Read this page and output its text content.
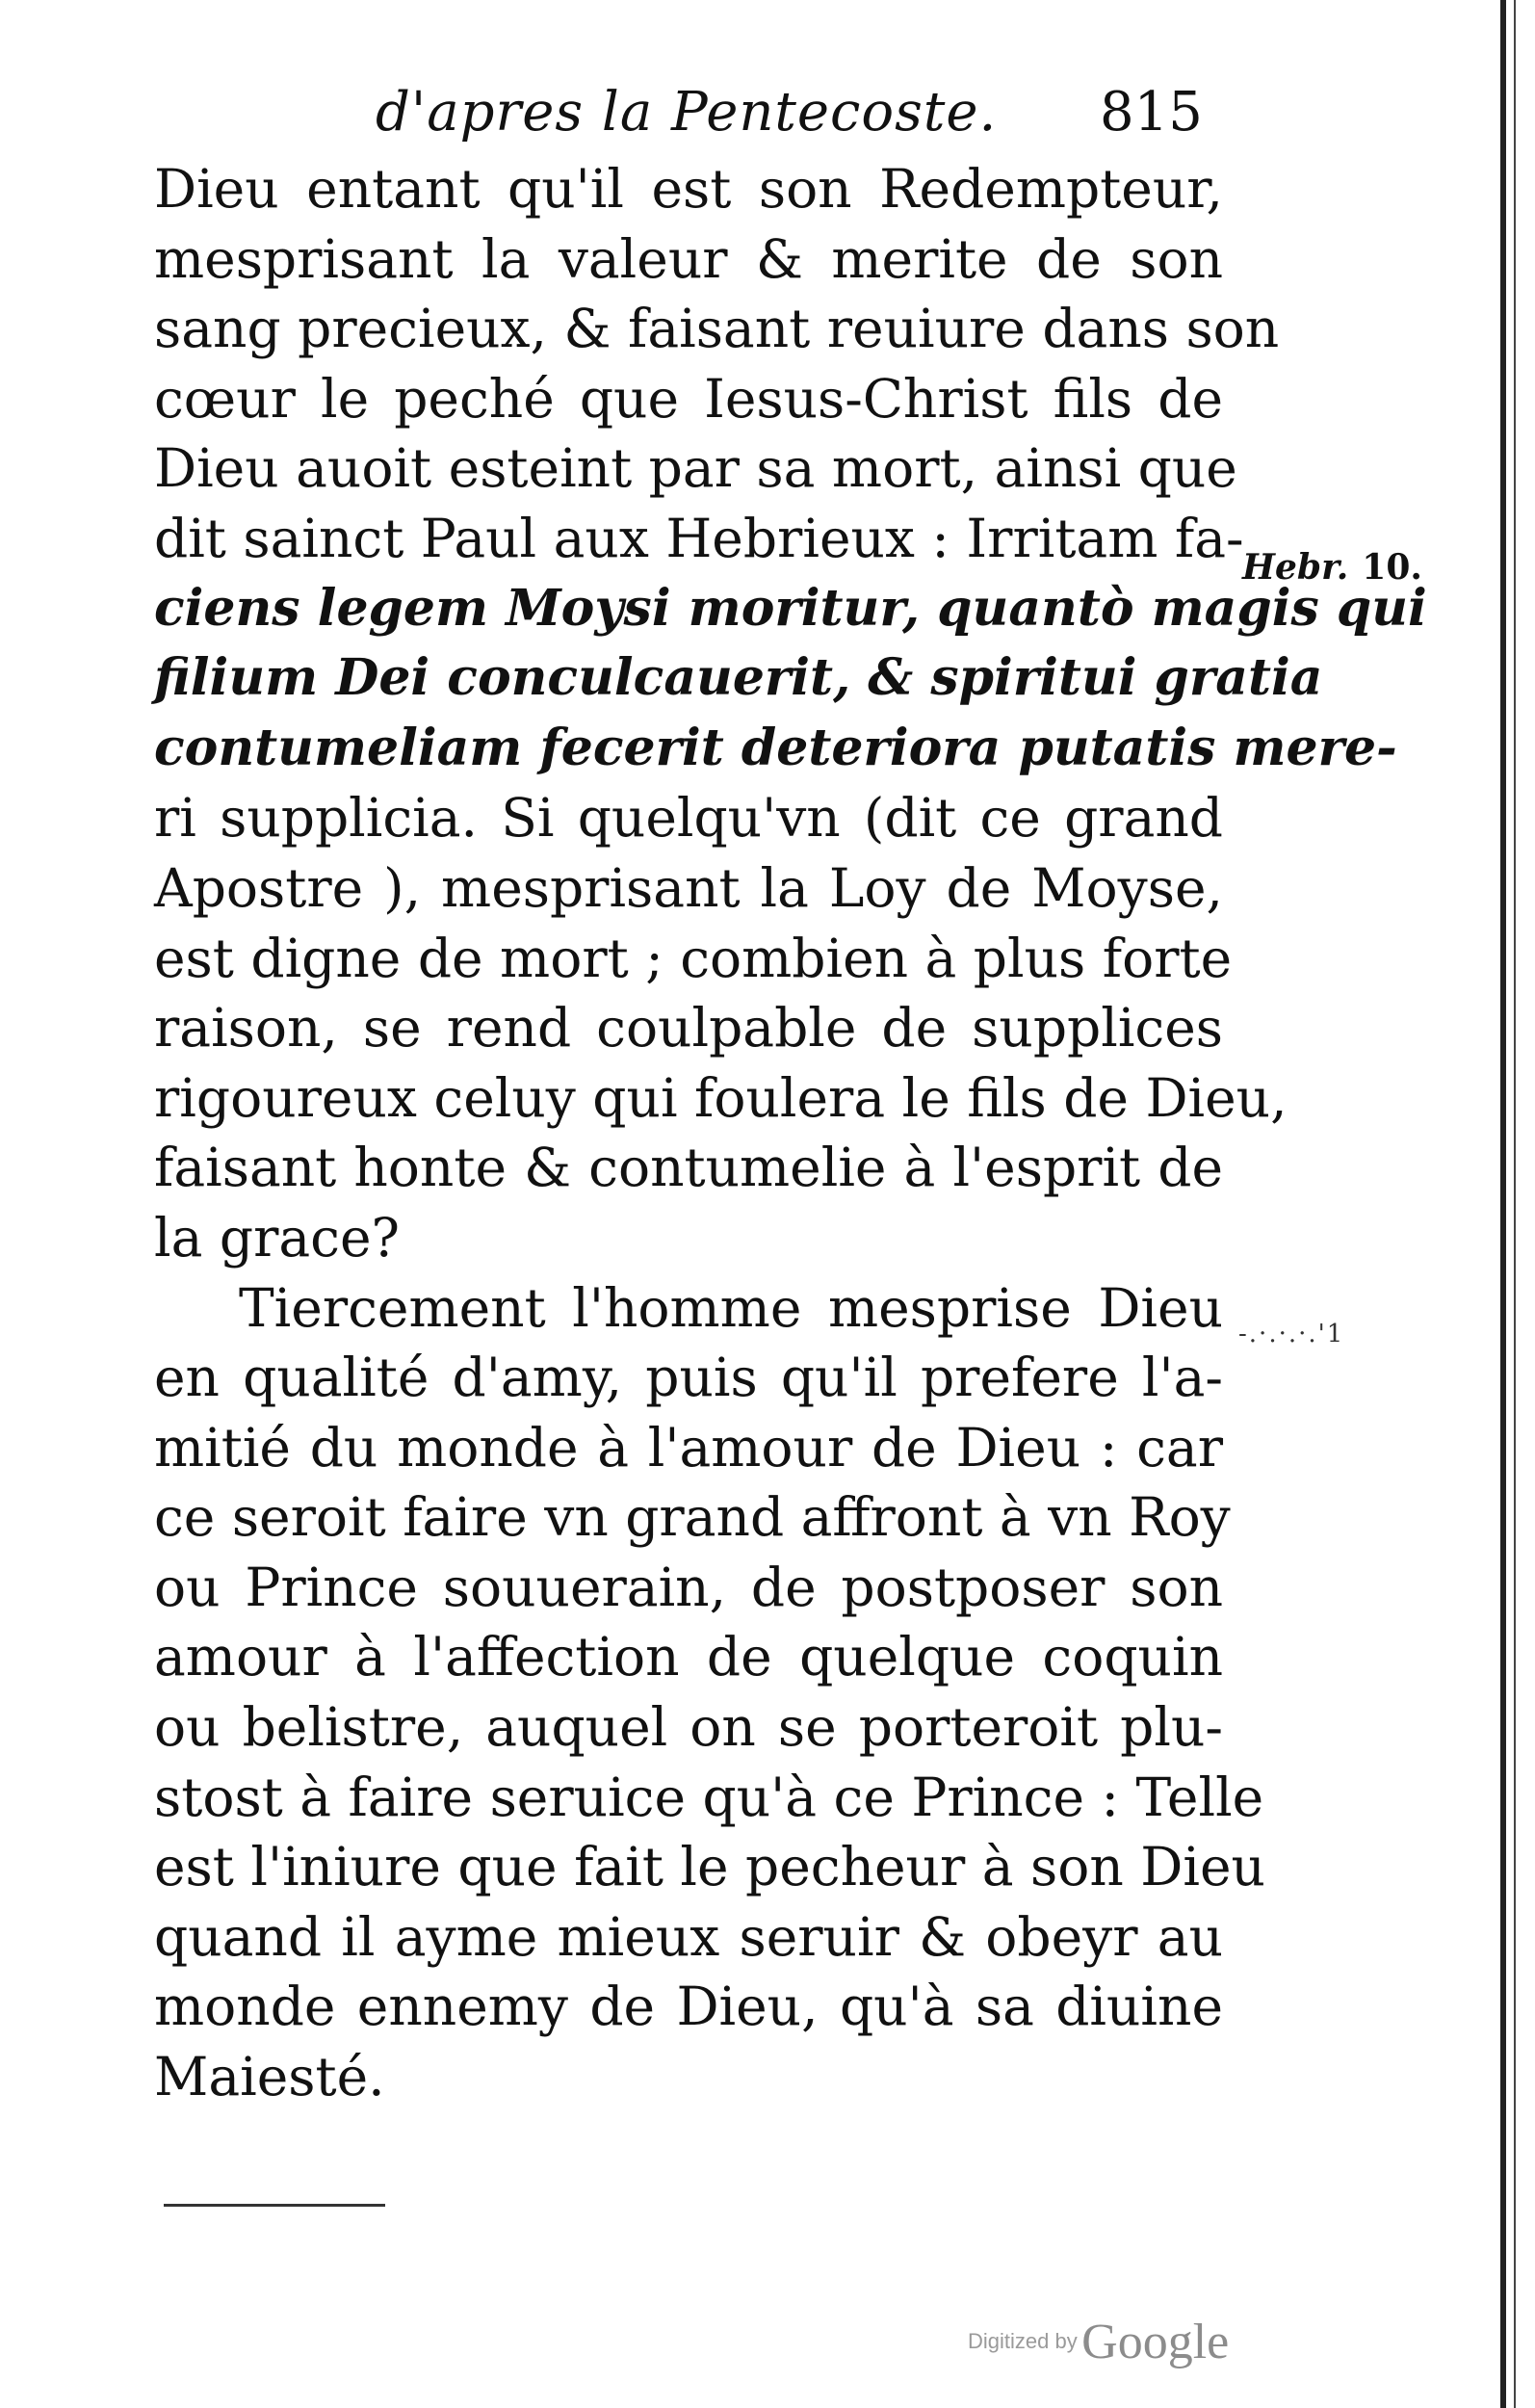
d'apres la Pentecoste. 815
Hebr. 10.
-.·.·.·.'1
Dieu entant qu'il est son Redempteur,
mesprisant la valeur & merite de son
sang precieux, & faisant reuiure dans son
cœur le peché que Iesus-Christ fils de
Dieu auoit esteint par sa mort, ainsi que
dit sainct Paul aux Hebrieux : Irritam fa-
ciens legem Moysi moritur, quantò magis qui
filium Dei conculcauerit, & spiritui gratia
contumeliam fecerit deteriora putatis mere-
ri supplicia. Si quelqu'vn (dit ce grand
Apostre ), mesprisant la Loy de Moyse,
est digne de mort ; combien à plus forte
raison, se rend coulpable de supplices
rigoureux celuy qui foulera le fils de Dieu,
faisant honte & contumelie à l'esprit de
la grace?
Tiercement l'homme mesprise Dieu
en qualité d'amy, puis qu'il prefere l'a-
mitié du monde à l'amour de Dieu : car
ce seroit faire vn grand affront à vn Roy
ou Prince souuerain, de postposer son
amour à l'affection de quelque coquin
ou belistre, auquel on se porteroit plu-
stost à faire seruice qu'à ce Prince : Telle
est l'iniure que fait le pecheur à son Dieu
quand il ayme mieux seruir & obeyr au
monde ennemy de Dieu, qu'à sa diuine
Maiesté.
Digitized by Google
